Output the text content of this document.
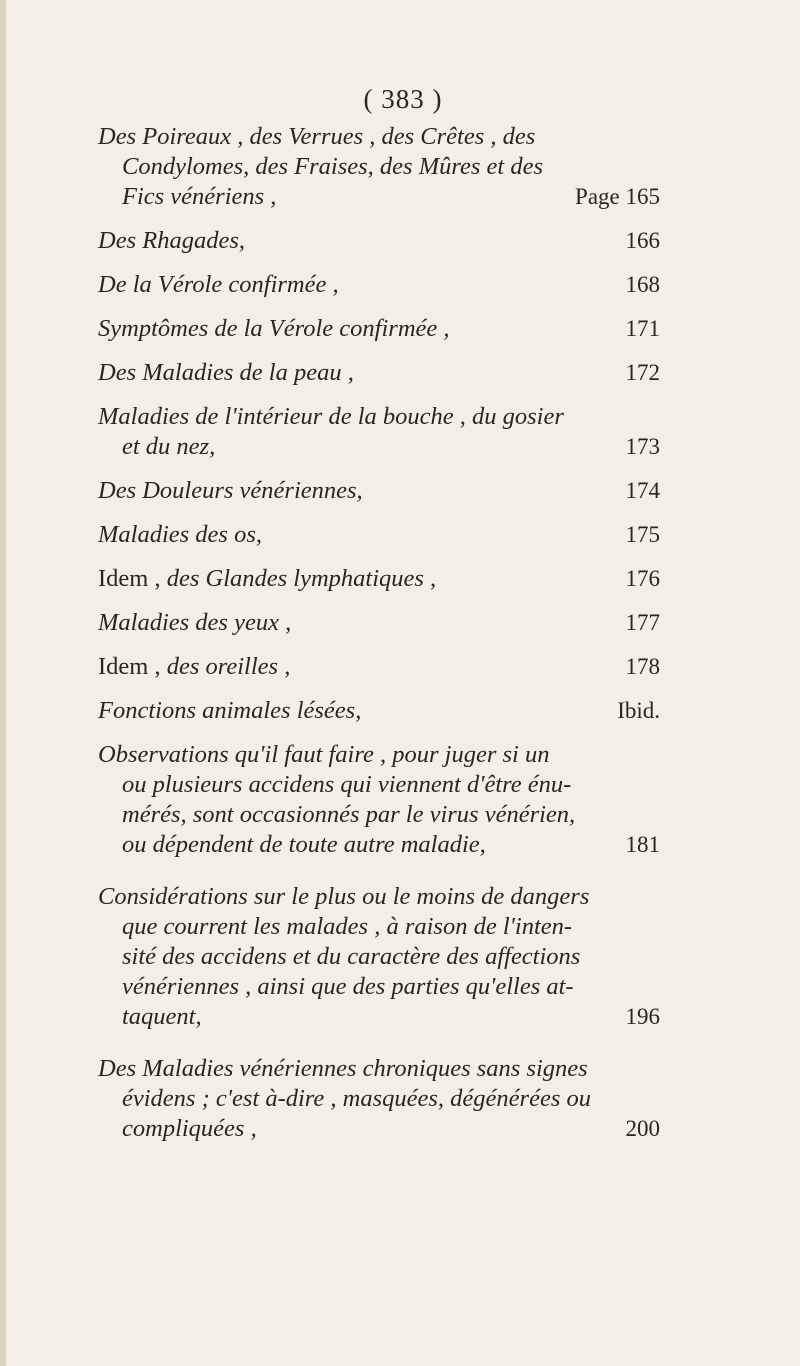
( 383 )
Des Poireaux , des Verrues , des Crêtes , des
Condylomes, des Fraises, des Mûres et des
Fics vénériens ,	Page 165
Des Rhagades,	166
De la Vérole confirmée ,	168
Symptômes de la Vérole confirmée ,	171
Des Maladies de la peau ,	172
Maladies de l'intérieur de la bouche , du gosier
et du nez,	173
Des Douleurs vénériennes,	174
Maladies des os,	175
Idem , des Glandes lymphatiques ,	176
Maladies des yeux ,	177
Idem , des oreilles ,	178
Fonctions animales lésées,	Ibid.
Observations qu'il faut faire , pour juger si un
ou plusieurs accidens qui viennent d'être énu-
mérés, sont occasionnés par le virus vénérien,
ou dépendent de toute autre maladie,	181
Considérations sur le plus ou le moins de dangers
que courrent les malades , à raison de l'inten-
sité des accidens et du caractère des affections
vénériennes , ainsi que des parties qu'elles at-
taquent,	196
Des Maladies vénériennes chroniques sans signes
évidens ; c'est à-dire , masquées, dégénérées ou
compliquées ,	200
